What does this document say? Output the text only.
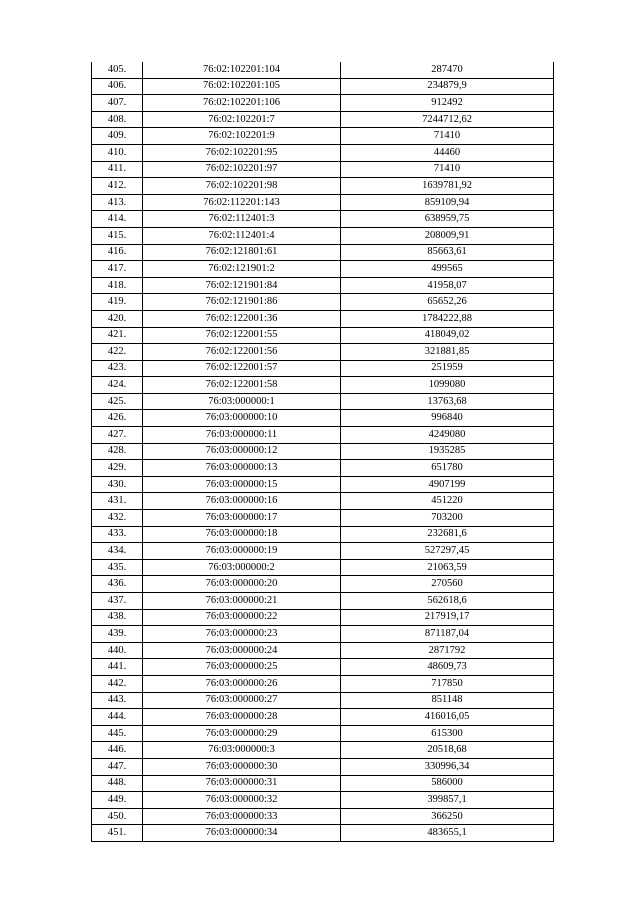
405.	76:02:102201:104	287470
406.	76:02:102201:105	234879,9
407.	76:02:102201:106	912492
408.	76:02:102201:7	7244712,62
409.	76:02:102201:9	71410
410.	76:02:102201:95	44460
411.	76:02:102201:97	71410
412.	76:02:102201:98	1639781,92
413.	76:02:112201:143	859109,94
414.	76:02:112401:3	638959,75
415.	76:02:112401:4	208009,91
416.	76:02:121801:61	85663,61
417.	76:02:121901:2	499565
418.	76:02:121901:84	41958,07
419.	76:02:121901:86	65652,26
420.	76:02:122001:36	1784222,88
421.	76:02:122001:55	418049,02
422.	76:02:122001:56	321881,85
423.	76:02:122001:57	251959
424.	76:02:122001:58	1099080
425.	76:03:000000:1	13763,68
426.	76:03:000000:10	996840
427.	76:03:000000:11	4249080
428.	76:03:000000:12	1935285
429.	76:03:000000:13	651780
430.	76:03:000000:15	4907199
431.	76:03:000000:16	451220
432.	76:03:000000:17	703200
433.	76:03:000000:18	232681,6
434.	76:03:000000:19	527297,45
435.	76:03:000000:2	21063,59
436.	76:03:000000:20	270560
437.	76:03:000000:21	562618,6
438.	76:03:000000:22	217919,17
439.	76:03:000000:23	871187,04
440.	76:03:000000:24	2871792
441.	76:03:000000:25	48609,73
442.	76:03:000000:26	717850
443.	76:03:000000:27	851148
444.	76:03:000000:28	416016,05
445.	76:03:000000:29	615300
446.	76:03:000000:3	20518,68
447.	76:03:000000:30	330996,34
448.	76:03:000000:31	586000
449.	76:03:000000:32	399857,1
450.	76:03:000000:33	366250
451.	76:03:000000:34	483655,1
